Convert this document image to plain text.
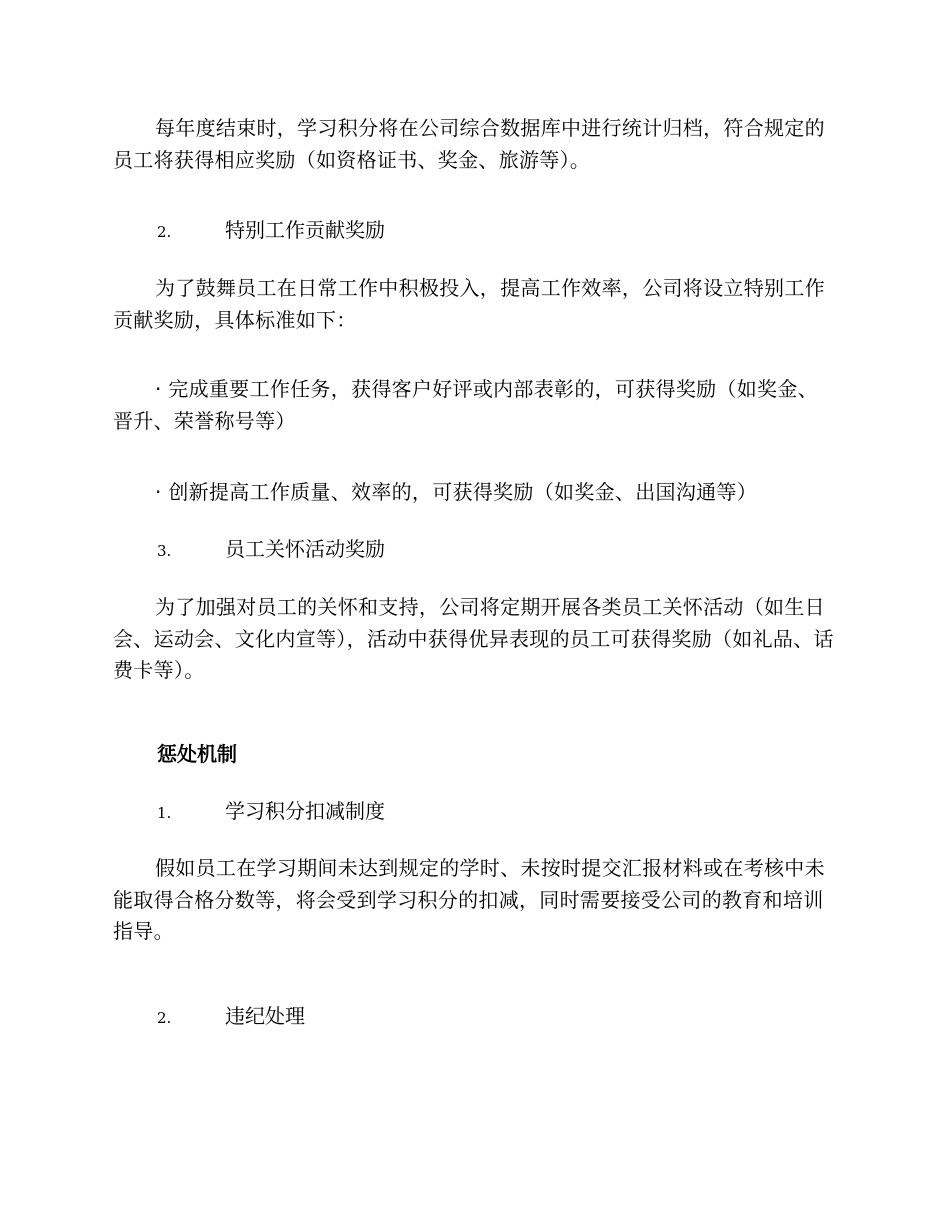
每年度结束时，学习积分将在公司综合数据库中进行统计归档，符合规定的员工将获得相应奖励（如资格证书、奖金、旅游等）。

2.	特别工作贡献奖励

为了鼓舞员工在日常工作中积极投入，提高工作效率，公司将设立特别工作贡献奖励，具体标准如下：

· 完成重要工作任务，获得客户好评或内部表彰的，可获得奖励（如奖金、晋升、荣誉称号等）

· 创新提高工作质量、效率的，可获得奖励（如奖金、出国沟通等）

3.	员工关怀活动奖励

为了加强对员工的关怀和支持，公司将定期开展各类员工关怀活动（如生日会、运动会、文化内宣等），活动中获得优异表现的员工可获得奖励（如礼品、话费卡等）。

惩处机制

1.	学习积分扣减制度

假如员工在学习期间未达到规定的学时、未按时提交汇报材料或在考核中未能取得合格分数等，将会受到学习积分的扣减，同时需要接受公司的教育和培训指导。

2.	违纪处理
